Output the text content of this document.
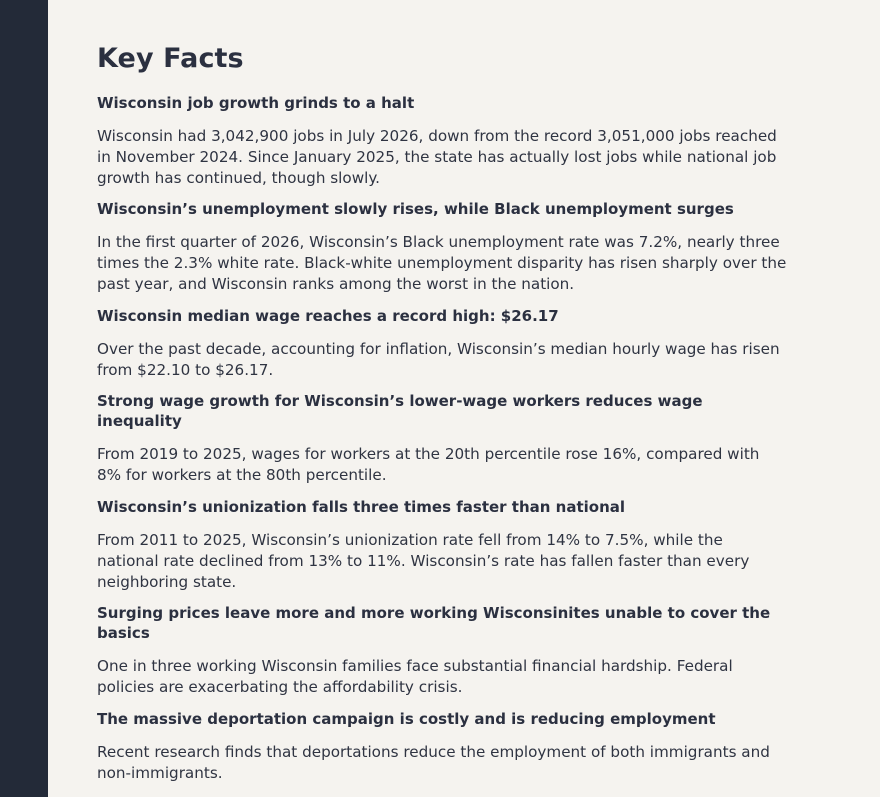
Key Facts

Wisconsin job growth grinds to a halt

Wisconsin had 3,042,900 jobs in July 2026, down from the record 3,051,000 jobs reached in November 2024. Since January 2025, the state has actually lost jobs while national job growth has continued, though slowly.

Wisconsin’s unemployment slowly rises, while Black unemployment surges

In the first quarter of 2026, Wisconsin’s Black unemployment rate was 7.2%, nearly three times the 2.3% white rate. Black-white unemployment disparity has risen sharply over the past year, and Wisconsin ranks among the worst in the nation.

Wisconsin median wage reaches a record high: $26.17

Over the past decade, accounting for inflation, Wisconsin’s median hourly wage has risen from $22.10 to $26.17.

Strong wage growth for Wisconsin’s lower-wage workers reduces wage inequality

From 2019 to 2025, wages for workers at the 20th percentile rose 16%, compared with 8% for workers at the 80th percentile.

Wisconsin’s unionization falls three times faster than national

From 2011 to 2025, Wisconsin’s unionization rate fell from 14% to 7.5%, while the national rate declined from 13% to 11%. Wisconsin’s rate has fallen faster than every neighboring state.

Surging prices leave more and more working Wisconsinites unable to cover the basics

One in three working Wisconsin families face substantial financial hardship. Federal policies are exacerbating the affordability crisis.

The massive deportation campaign is costly and is reducing employment

Recent research finds that deportations reduce the employment of both immigrants and non-immigrants.
